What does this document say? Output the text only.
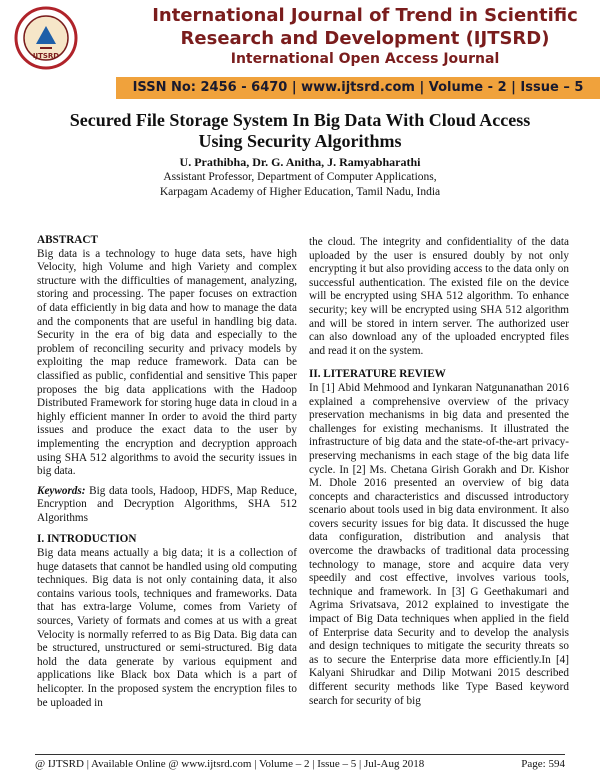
IJTSRD
International Journal of Trend in Scientific
Research and Development (IJTSRD)
International Open Access Journal
ISSN No: 2456 - 6470 | www.ijtsrd.com | Volume - 2 | Issue – 5
Secured File Storage System In Big Data With Cloud Access
Using Security Algorithms
U. Prathibha, Dr. G. Anitha, J. Ramyabharathi
Assistant Professor, Department of Computer Applications,
Karpagam Academy of Higher Education, Tamil Nadu, India

ABSTRACT

Big data is a technology to huge data sets, have high Velocity, high Volume and high Variety and complex structure with the difficulties of management, analyzing, storing and processing. The paper focuses on extraction of data efficiently in big data and how to manage the data and the components that are useful in handling big data. Security in the era of big data and especially to the problem of reconciling security and privacy models by exploiting the map reduce framework. Data can be classified as public, confidential and sensitive This paper proposes the big data applications with the Hadoop Distributed Framework for storing huge data in cloud in a highly efficient manner In order to avoid the third party issues and produce the exact data to the user by implementing the encryption and decryption approach using SHA 512 algorithms to avoid the security issues in big data.

Keywords: Big data tools, Hadoop, HDFS, Map Reduce, Encryption and Decryption Algorithms, SHA 512 Algorithms

I. INTRODUCTION

Big data means actually a big data; it is a collection of huge datasets that cannot be handled using old computing techniques. Big data is not only containing data, it also contains various tools, techniques and frameworks. Data that has extra-large Volume, comes from Variety of sources, Variety of formats and comes at us with a great Velocity is normally referred to as Big Data. Big data can be structured, unstructured or semi-structured. Big data hold the data generate by various equipment and applications like Black box Data which is a part of helicopter. In the proposed system the encryption files to be uploaded in

the cloud. The integrity and confidentiality of the data uploaded by the user is ensured doubly by not only encrypting it but also providing access to the data only on successful authentication. The existed file on the device will be encrypted using SHA 512 algorithm. To enhance security; key will be encrypted using SHA 512 algorithm and will be stored in intern server. The authorized user can also download any of the uploaded encrypted files and read it on the system.

II. LITERATURE REVIEW

In [1] Abid Mehmood and Iynkaran Natgunanathan 2016 explained a comprehensive overview of the privacy preservation mechanisms in big data and presented the challenges for existing mechanisms. It illustrated the infrastructure of big data and the state-of-the-art privacy-preserving mechanisms in each stage of the big data life cycle. In [2] Ms. Chetana Girish Gorakh and Dr. Kishor M. Dhole 2016 presented an overview of big data concepts and characteristics and discussed introductory scenario about tools used in big data environment. It also covers security issues for big data. It discussed the huge data configuration, distribution and analysis that overcome the drawbacks of traditional data processing technology to manage, store and acquire data very speedily and cost effective, involves various tools, technique and framework. In [3] G Geethakumari and Agrima Srivatsava, 2012 explained to investigate the impact of Big Data techniques when applied in the field of Enterprise data Security and to develop the analysis and design techniques to mitigate the security threats so as to secure the Enterprise data more efficiently.In [4] Kalyani Shirudkar and Dilip Motwani 2015 described different security methods like Type Based keyword search for security of big

@ IJTSRD | Available Online @ www.ijtsrd.com | Volume – 2 | Issue – 5 | Jul-Aug 2018	Page: 594
